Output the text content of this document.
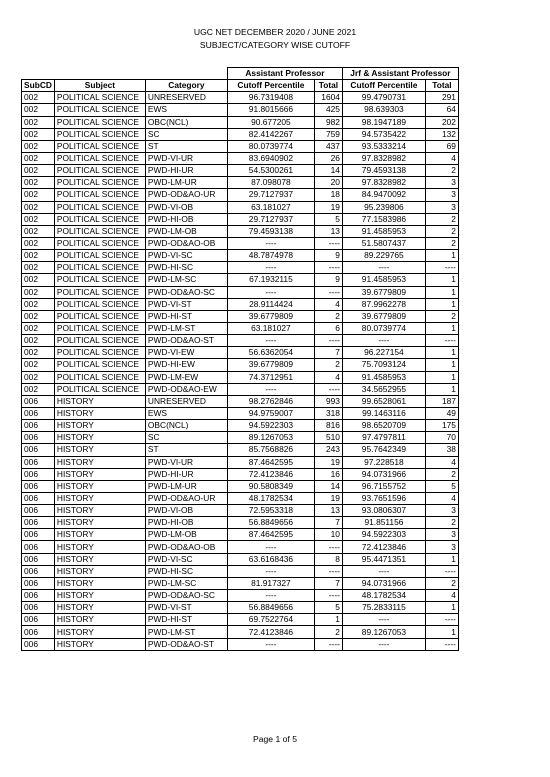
UGC NET DECEMBER 2020 / JUNE 2021
SUBJECT/CATEGORY WISE CUTOFF
			Assistant Professor		Jrf & Assistant Professor	
SubCD	Subject	Category	Cutoff Percentile	Total	Cutoff Percentile	Total
002	POLITICAL SCIENCE	UNRESERVED	96.7319408	1604	99.4790731	291
002	POLITICAL SCIENCE	EWS	91.8015666	425	98.639303	64
002	POLITICAL SCIENCE	OBC(NCL)	90.677205	982	98.1947189	202
002	POLITICAL SCIENCE	SC	82.4142267	759	94.5735422	132
002	POLITICAL SCIENCE	ST	80.0739774	437	93.5333214	69
002	POLITICAL SCIENCE	PWD-VI-UR	83.6940902	26	97.8328982	4
002	POLITICAL SCIENCE	PWD-HI-UR	54.5300261	14	79.4593138	2
002	POLITICAL SCIENCE	PWD-LM-UR	87.098078	20	97.8328982	3
002	POLITICAL SCIENCE	PWD-OD&AO-UR	29.7127937	18	84.9470092	3
002	POLITICAL SCIENCE	PWD-VI-OB	63.181027	19	95.239806	3
002	POLITICAL SCIENCE	PWD-HI-OB	29.7127937	5	77.1583986	2
002	POLITICAL SCIENCE	PWD-LM-OB	79.4593138	13	91.4585953	2
002	POLITICAL SCIENCE	PWD-OD&AO-OB	----	----	51.5807437	2
002	POLITICAL SCIENCE	PWD-VI-SC	48.7874978	9	89.229765	1
002	POLITICAL SCIENCE	PWD-HI-SC	----	----	----	----
002	POLITICAL SCIENCE	PWD-LM-SC	67.1932115	9	91.4585953	1
002	POLITICAL SCIENCE	PWD-OD&AO-SC	----	----	39.6779809	1
002	POLITICAL SCIENCE	PWD-VI-ST	28.9114424	4	87.9962278	1
002	POLITICAL SCIENCE	PWD-HI-ST	39.6779809	2	39.6779809	2
002	POLITICAL SCIENCE	PWD-LM-ST	63.181027	6	80.0739774	1
002	POLITICAL SCIENCE	PWD-OD&AO-ST	----	----	----	----
002	POLITICAL SCIENCE	PWD-VI-EW	56.6362054	7	96.227154	1
002	POLITICAL SCIENCE	PWD-HI-EW	39.6779809	2	75.7093124	1
002	POLITICAL SCIENCE	PWD-LM-EW	74.3712951	4	91.4585953	1
002	POLITICAL SCIENCE	PWD-OD&AO-EW	----	----	34.5652955	1
006	HISTORY	UNRESERVED	98.2762846	993	99.6528061	187
006	HISTORY	EWS	94.9759007	318	99.1463116	49
006	HISTORY	OBC(NCL)	94.5922303	816	98.6520709	175
006	HISTORY	SC	89.1267053	510	97.4797811	70
006	HISTORY	ST	85.7568826	243	95.7642349	38
006	HISTORY	PWD-VI-UR	87.4642595	19	97.228518	4
006	HISTORY	PWD-HI-UR	72.4123846	16	94.0731966	2
006	HISTORY	PWD-LM-UR	90.5808349	14	96.7155752	5
006	HISTORY	PWD-OD&AO-UR	48.1782534	19	93.7651596	4
006	HISTORY	PWD-VI-OB	72.5953318	13	93.0806307	3
006	HISTORY	PWD-HI-OB	56.8849656	7	91.851156	2
006	HISTORY	PWD-LM-OB	87.4642595	10	94.5922303	3
006	HISTORY	PWD-OD&AO-OB	----	----	72.4123846	3
006	HISTORY	PWD-VI-SC	63.6168436	8	95.4471351	1
006	HISTORY	PWD-HI-SC	----	----	----	----
006	HISTORY	PWD-LM-SC	81.917327	7	94.0731966	2
006	HISTORY	PWD-OD&AO-SC	----	----	48.1782534	4
006	HISTORY	PWD-VI-ST	56.8849656	5	75.2833115	1
006	HISTORY	PWD-HI-ST	69.7522764	1	----	----
006	HISTORY	PWD-LM-ST	72.4123846	2	89.1267053	1
006	HISTORY	PWD-OD&AO-ST	----	----	----	----
Page 1 of 5
